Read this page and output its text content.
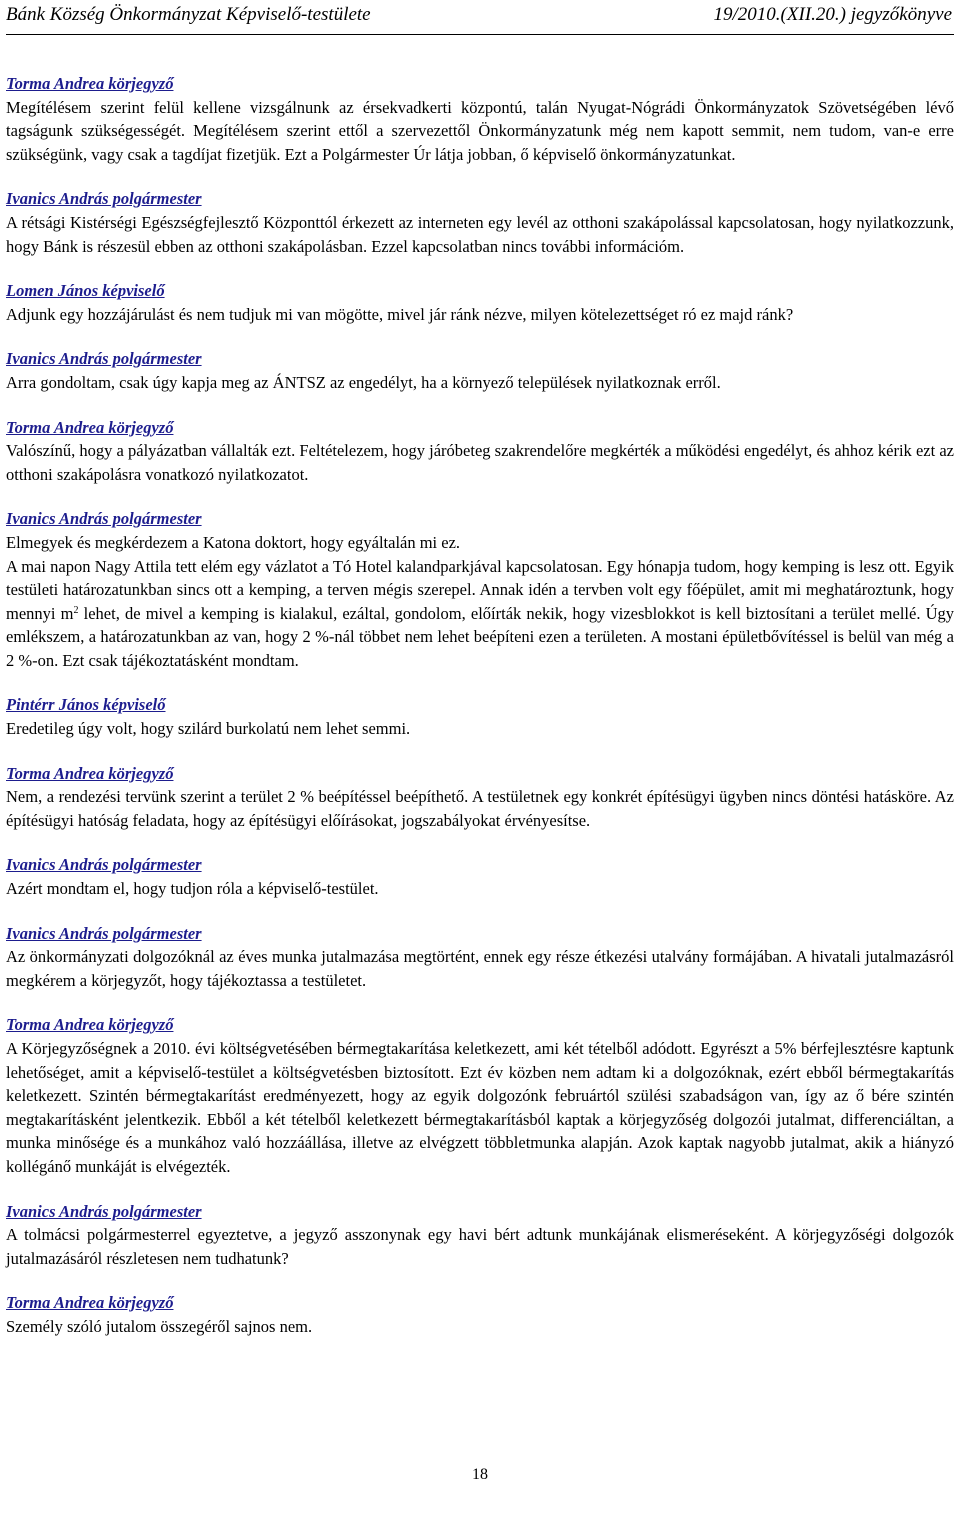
Bánk Község Önkormányzat Képviselő-testülete	19/2010.(XII.20.) jegyzőkönyve
Torma Andrea körjegyző

Megítélésem szerint felül kellene vizsgálnunk az érsekvadkerti központú, talán Nyugat-Nógrádi Önkormányzatok Szövetségében lévő tagságunk szükségességét. Megítélésem szerint ettől a szervezettől Önkormányzatunk még nem kapott semmit, nem tudom, van-e erre szükségünk, vagy csak a tagdíjat fizetjük. Ezt a Polgármester Úr látja jobban, ő képviselő önkormányzatunkat.

Ivanics András polgármester

A rétsági Kistérségi Egészségfejlesztő Központtól érkezett az interneten egy levél az otthoni szakápolással kapcsolatosan, hogy nyilatkozzunk, hogy Bánk is részesül ebben az otthoni szakápolásban. Ezzel kapcsolatban nincs további információm.

Lomen János képviselő

Adjunk egy hozzájárulást és nem tudjuk mi van mögötte, mivel jár ránk nézve, milyen kötelezettséget ró ez majd ránk?

Ivanics András polgármester

Arra gondoltam, csak úgy kapja meg az ÁNTSZ az engedélyt, ha a környező települések nyilatkoznak erről.

Torma Andrea körjegyző

Valószínű, hogy a pályázatban vállalták ezt. Feltételezem, hogy járóbeteg szakrendelőre megkérték a működési engedélyt, és ahhoz kérik ezt az otthoni szakápolásra vonatkozó nyilatkozatot.

Ivanics András polgármester

Elmegyek és megkérdezem a Katona doktort, hogy egyáltalán mi ez.

A mai napon Nagy Attila tett elém egy vázlatot a Tó Hotel kalandparkjával kapcsolatosan. Egy hónapja tudom, hogy kemping is lesz ott. Egyik testületi határozatunkban sincs ott a kemping, a terven mégis szerepel. Annak idén a tervben volt egy főépület, amit mi meghatároztunk, hogy mennyi $m^2$ lehet, de mivel a kemping is kialakul, ezáltal, gondolom, előírták nekik, hogy vizesblokkot is kell biztosítani a terület mellé. Úgy emlékszem, a határozatunkban az van, hogy 2 %-nál többet nem lehet beépíteni ezen a területen. A mostani épületbővítéssel is belül van még a 2 %-on. Ezt csak tájékoztatásként mondtam.

Pintérr János képviselő

Eredetileg úgy volt, hogy szilárd burkolatú nem lehet semmi.

Torma Andrea körjegyző

Nem, a rendezési tervünk szerint a terület 2 % beépítéssel beépíthető. A testületnek egy konkrét építésügyi ügyben nincs döntési hatásköre. Az építésügyi hatóság feladata, hogy az építésügyi előírásokat, jogszabályokat érvényesítse.

Ivanics András polgármester

Azért mondtam el, hogy tudjon róla a képviselő-testület.

Ivanics András polgármester

Az önkormányzati dolgozóknál az éves munka jutalmazása megtörtént, ennek egy része étkezési utalvány formájában. A hivatali jutalmazásról megkérem a körjegyzőt, hogy tájékoztassa a testületet.

Torma Andrea körjegyző

A Körjegyzőségnek a 2010. évi költségvetésében bérmegtakarítása keletkezett, ami két tételből adódott. Egyrészt a 5% bérfejlesztésre kaptunk lehetőséget, amit a képviselő-testület a költségvetésben biztosított. Ezt év közben nem adtam ki a dolgozóknak, ezért ebből bérmegtakarítás keletkezett. Szintén bérmegtakarítást eredményezett, hogy az egyik dolgozónk februártól szülési szabadságon van, így az ő bére szintén megtakarításként jelentkezik. Ebből a két tételből keletkezett bérmegtakarításból kaptak a körjegyzőség dolgozói jutalmat, differenciáltan, a munka minősége és a munkához való hozzáállása, illetve az elvégzett többletmunka alapján. Azok kaptak nagyobb jutalmat, akik a hiányzó kollégánő munkáját is elvégezték.

Ivanics András polgármester

A tolmácsi polgármesterrel egyeztetve, a jegyző asszonynak egy havi bért adtunk munkájának elismeréseként. A körjegyzőségi dolgozók jutalmazásáról részletesen nem tudhatunk?

Torma Andrea körjegyző

Személy szóló jutalom összegéről sajnos nem.

18
